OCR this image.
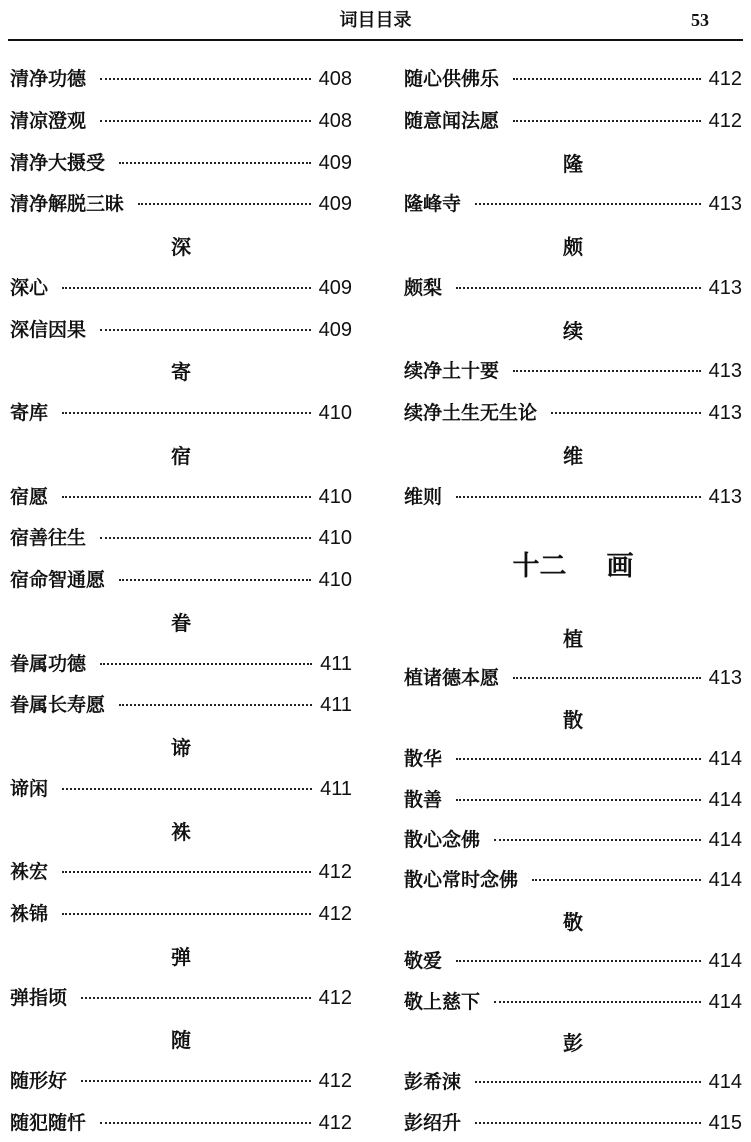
词目目录	53
清净功德	408
清凉澄观	408
清净大摄受	409
清净解脱三昧	409
深
深心	409
深信因果	409
寄
寄库	410
宿
宿愿	410
宿善往生	410
宿命智通愿	410
眷
眷属功德	411
眷属长寿愿	411
谛
谛闲	411
袾
袾宏	412
袾锦	412
弹
弹指顷	412
随
随形好	412
随犯随忏	412
随心供佛乐	412
随意闻法愿	412
隆
隆峰寺	413
颇
颇梨	413
续
续净土十要	413
续净土生无生论	413
维
维则	413
植
植诸德本愿	413
散
散华	414
散善	414
散心念佛	414
散心常时念佛	414
敬
敬爱	414
敬上慈下	414
彭
彭希涑	414
彭绍升	415
十二 画
